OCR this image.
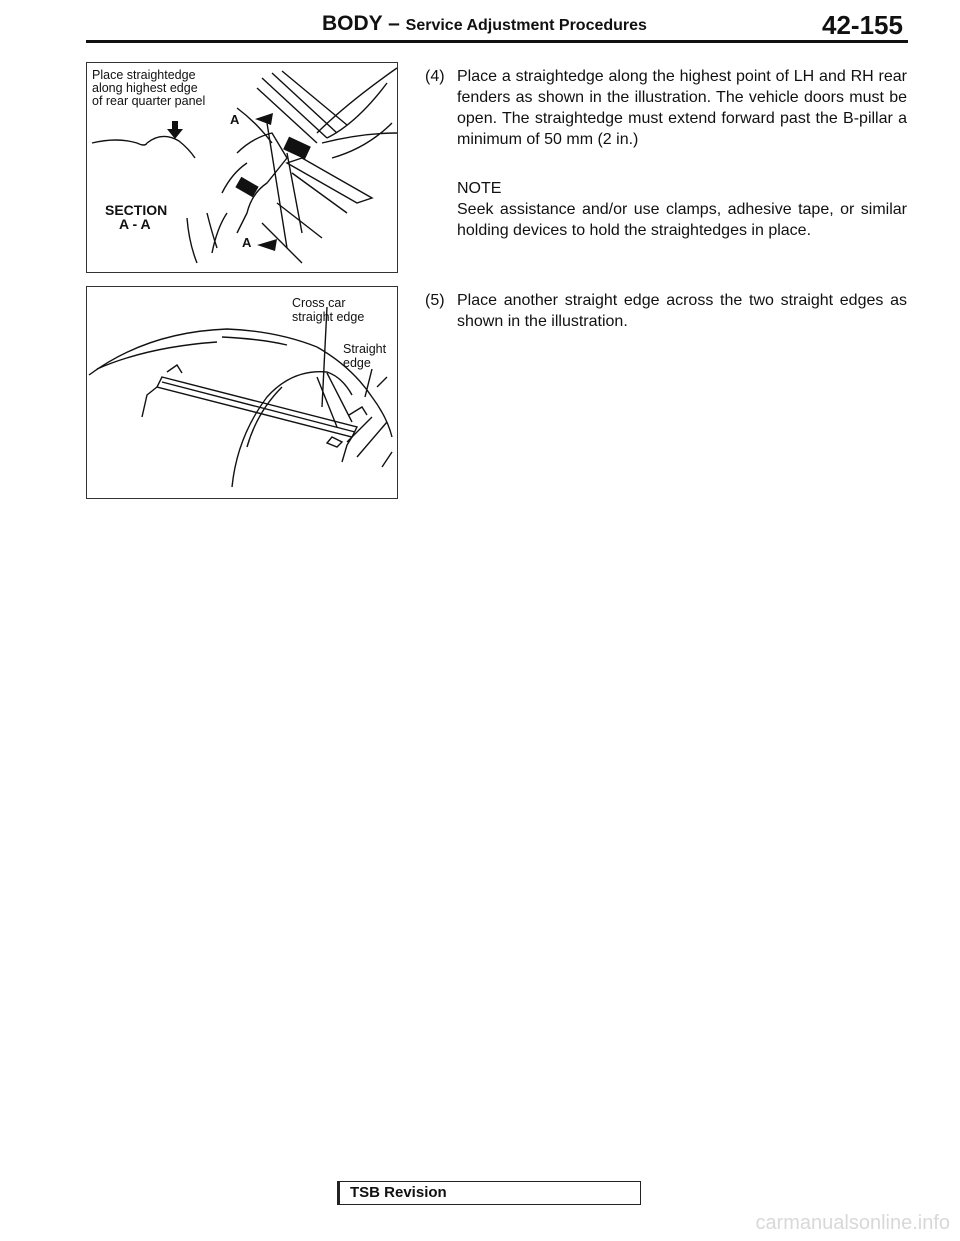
BODY – Service Adjustment Procedures	42-155
Place straightedge
along highest edge
of rear quarter panel
SECTION
A - A
A
A
Cross car
straight edge
Straight
edge
(4) Place a straightedge along the highest point of LH and RH rear fenders as shown in the illustration. The vehicle doors must be open. The straightedge must extend forward past the B-pillar a minimum of 50 mm (2 in.)
NOTE
Seek assistance and/or use clamps, adhesive tape, or similar holding devices to hold the straightedges in place.
(5) Place another straight edge across the two straight edges as shown in the illustration.
TSB Revision
carmanualsonline.info
